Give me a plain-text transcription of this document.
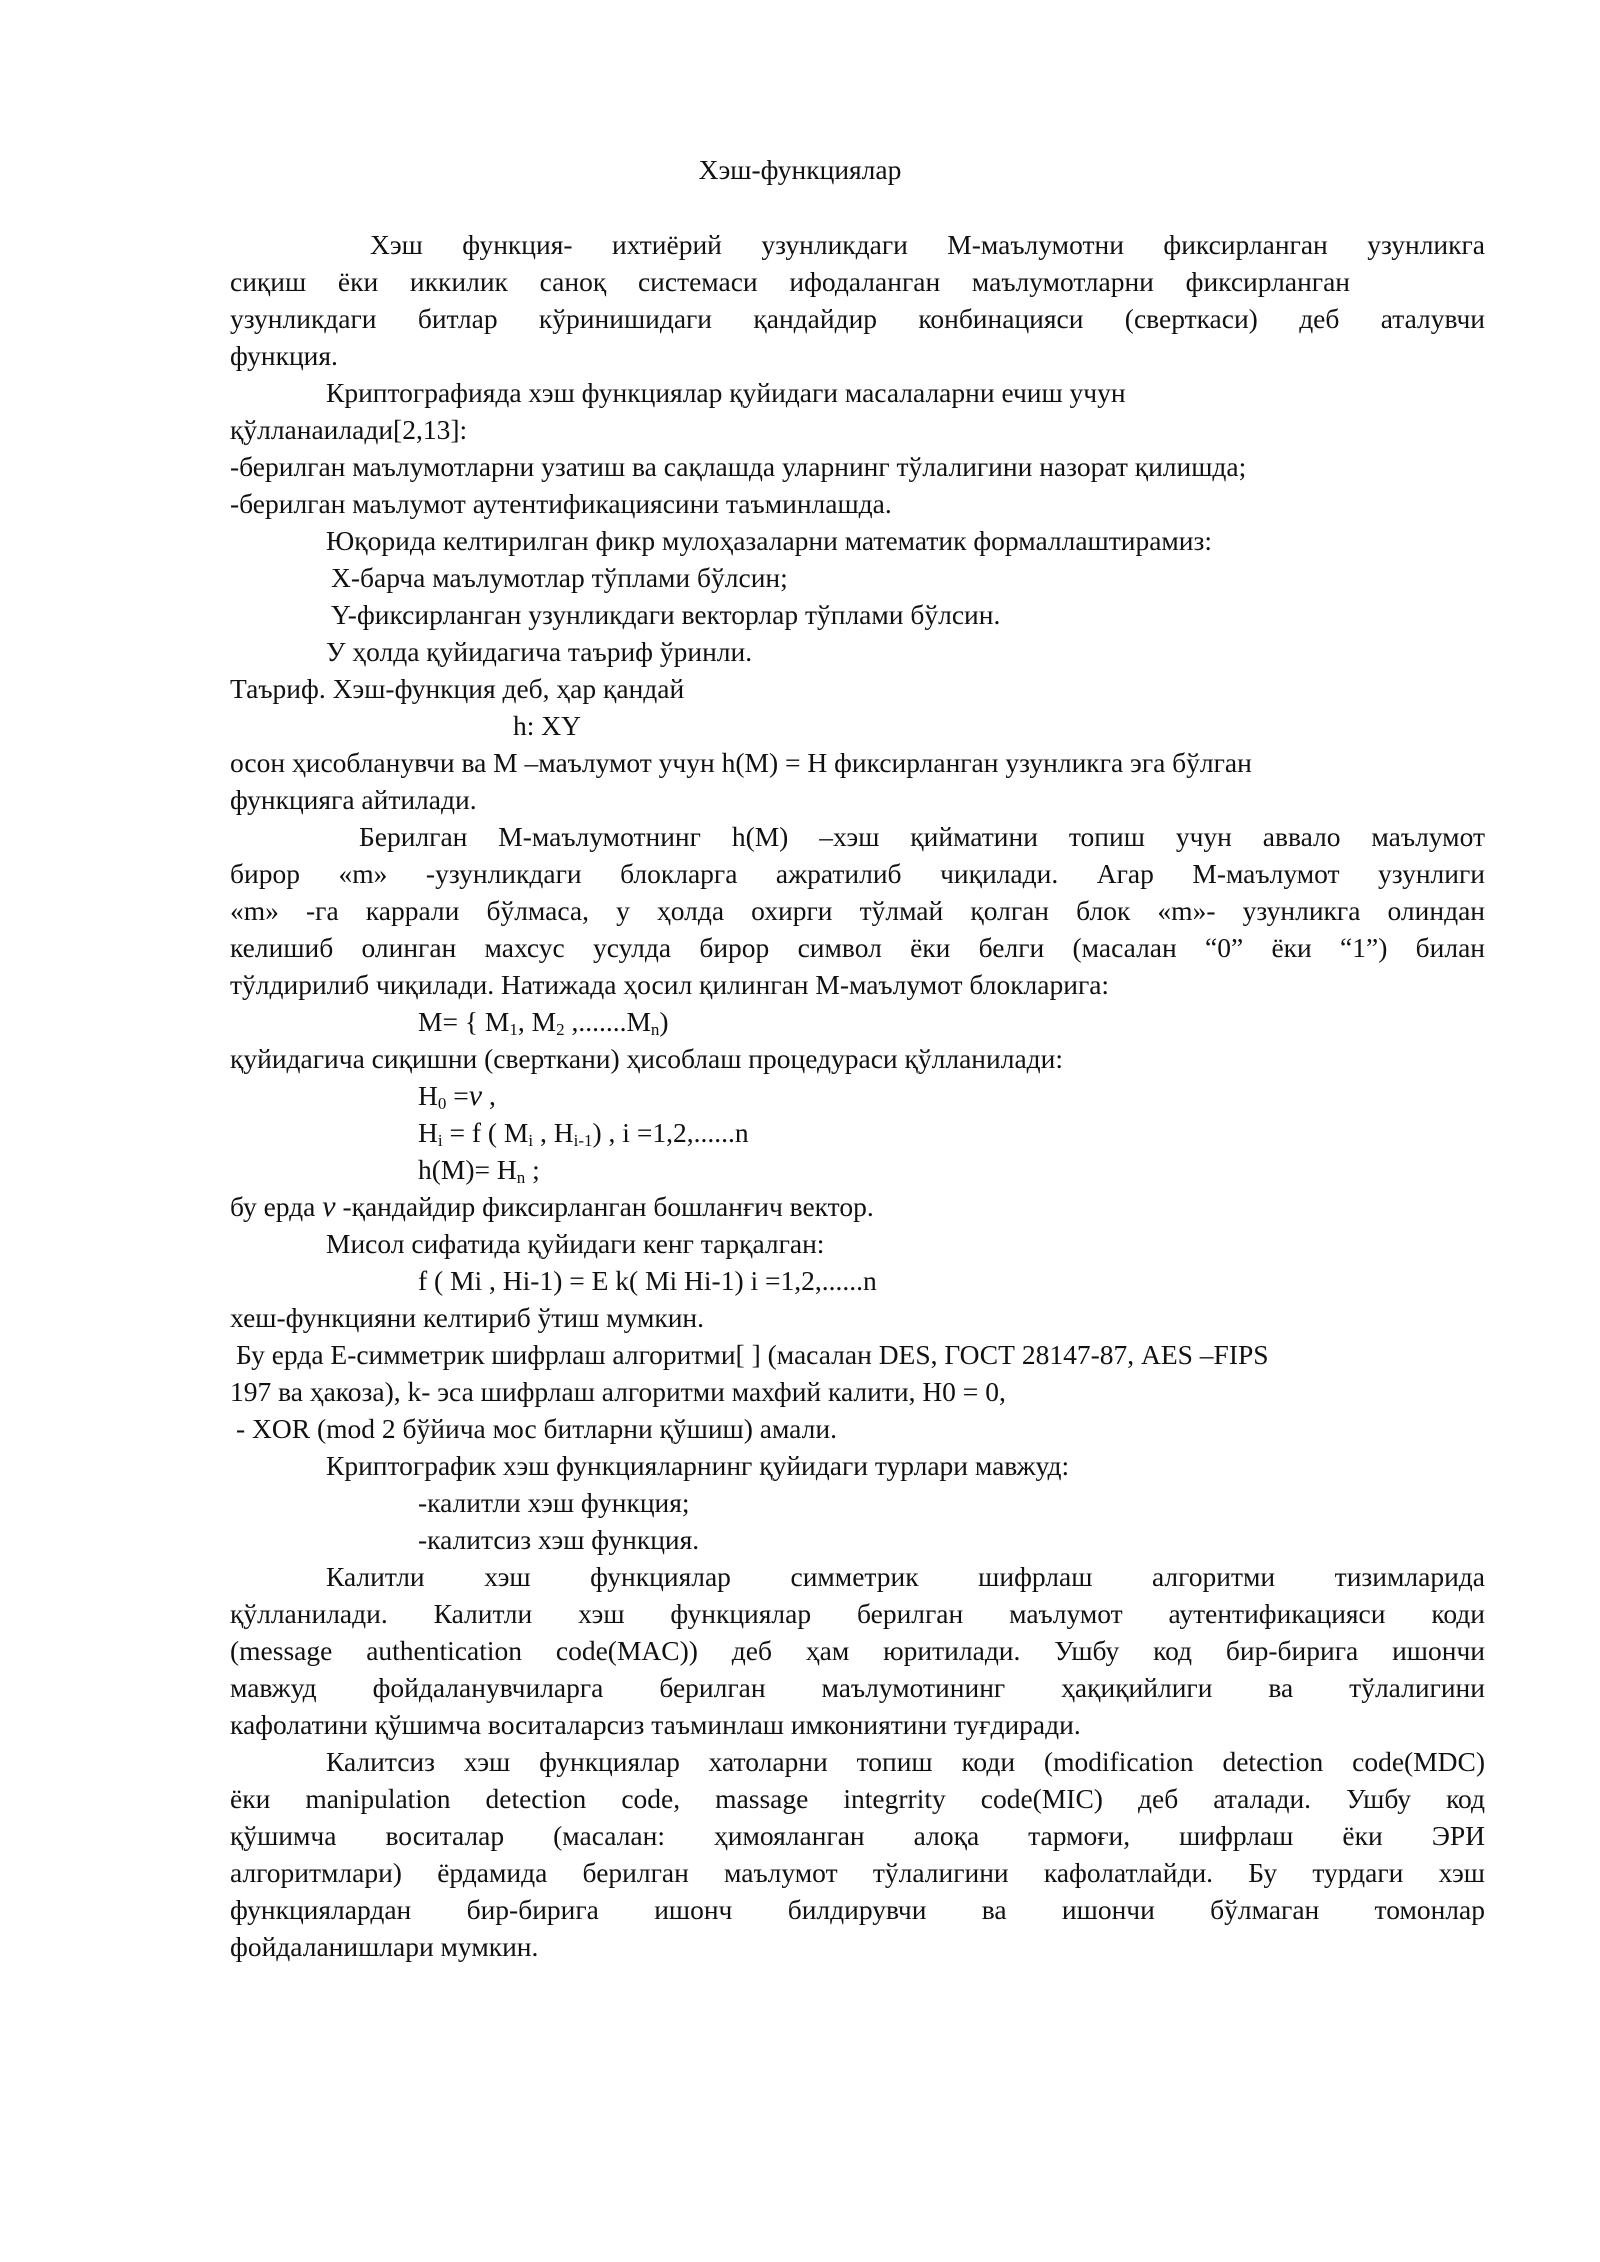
Хэш-функциялар
Хэш функция- ихтиёрий узунликдаги M-маълумотни фиксирланган узунликга
сиқиш ёки иккилик саноқ системаси ифодаланган маълумотларни фиксирланган
узунликдаги битлар кўринишидаги қандайдир конбинацияси (сверткаси) деб аталувчи
функция.
Криптографияда хэш функциялар қуйидаги масалаларни ечиш учун
қўлланаилади[2,13]:
-берилган маълумотларни узатиш ва сақлашда уларнинг тўлалигини назорат қилишда;
-берилган маълумот аутентификациясини таъминлашда.
Юқорида келтирилган фикр мулоҳазаларни математик формаллаштирамиз:
X-барча маълумотлар тўплами бўлсин;
Y-фиксирланган узунликдаги векторлар тўплами бўлсин.
У ҳолда қуйидагича таъриф ўринли.
Таъриф. Хэш-функция деб, ҳар қандай
h: XY
осон ҳисобланувчи ва M –маълумот учун h(M) = H фиксирланган узунликга эга бўлган
функцияга айтилади.
Берилган M-маълумотнинг h(M) –хэш қийматини топиш учун аввало маълумот
бирор «m» -узунликдаги блокларга ажратилиб чиқилади. Агар M-маълумот узунлиги
«m» -га каррали бўлмаса, у ҳолда охирги тўлмай қолган блок «m»- узунликга олиндан
келишиб олинган махсус усулда бирор символ ёки белги (масалан “0” ёки “1”) билан
тўлдирилиб чиқилади. Натижада ҳосил қилинган M-маълумот блокларига:
M= { $M_1$, $M_2$ $,.......M_n$)
қуйидагича сиқишни (сверткани) ҳисоблаш процедураси қўлланилади:
$H_0 =\nu$ ,
$H_i = f$ ( $M_i$ , $H_{i-1}$) , i =1,2,......n
$h(M)= H_n$ ;
бу ерда ν -қандайдир фиксирланган бошланғич вектор.
Мисол сифатида қуйидаги кенг тарқалган:
f ( Mi , Hi-1) = E k( Mi Hi-1) i =1,2,......n
хеш-функцияни келтириб ўтиш мумкин.
Бу ерда E-симметрик шифрлаш алгоритми[ ] (масалан DES, ГОСТ 28147-87, AES –FIPS
197 ва ҳакоза), k- эса шифрлаш алгоритми махфий калити, H0 = 0,
- XOR (mod 2 бўйича мос битларни қўшиш) амали.
Криптографик хэш функцияларнинг қуйидаги турлари мавжуд:
-калитли хэш функция;
-калитсиз хэш функция.
Калитли хэш функциялар симметрик шифрлаш алгоритми тизимларида
қўлланилади. Калитли хэш функциялар берилган маълумот аутентификацияси коди
(message authentication code(MAC)) деб ҳам юритилади. Ушбу код бир-бирига ишончи
мавжуд фойдаланувчиларга берилган маълумотининг ҳақиқийлиги ва тўлалигини
кафолатини қўшимча воситаларсиз таъминлаш имкониятини туғдиради.
Калитсиз хэш функциялар хатоларни топиш коди (modification detection code(MDC)
ёки manipulation detection code, massage integrrity code(MIC) деб аталади. Ушбу код
қўшимча воситалар (масалан: ҳимояланган алоқа тармоғи, шифрлаш ёки ЭРИ
алгоритмлари) ёрдамида берилган маълумот тўлалигини кафолатлайди. Бу турдаги хэш
функциялардан бир-бирига ишонч билдирувчи ва ишончи бўлмаган томонлар
фойдаланишлари мумкин.
